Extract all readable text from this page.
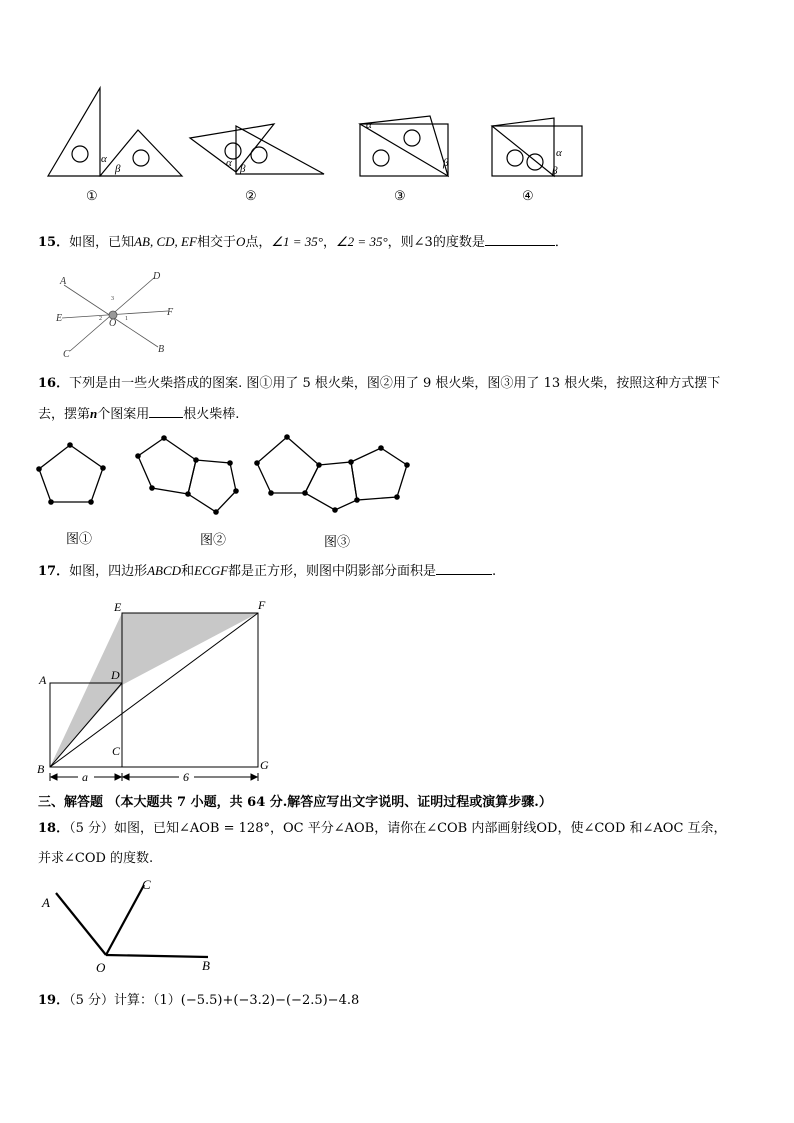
α
β	α β
α
β
α
β
①	②	③	④
15．如图，已知AB, CD, EF相交于O点，∠1 = 35°，∠2 = 35°，则∠3的度数是	．
A	D
E
F
O
C	B
3
2	1
16．下列是由一些火柴搭成的图案. 图①用了 5 根火柴，图②用了 9 根火柴，图③用了 13 根火柴，按照这种方式摆下
去，摆第n个图案用	根火柴棒.
图①	图②	图③
17．如图，四边形ABCD和ECGF都是正方形，则图中阴影部分面积是	.
E	F
A	D
C
B	G
a	6
三、解答题 （本大题共 7 小题，共 64 分.解答应写出文字说明、证明过程或演算步骤.）
18．（5 分）如图，已知∠AOB = 128°，OC 平分∠AOB，请你在∠COB 内部画射线OD，使∠COD 和∠AOC 互余，
并求∠COD 的度数.
A
C
O	B
19．（5 分）计算：（1）(−5.5)+(−3.2)−(−2.5)−4.8
